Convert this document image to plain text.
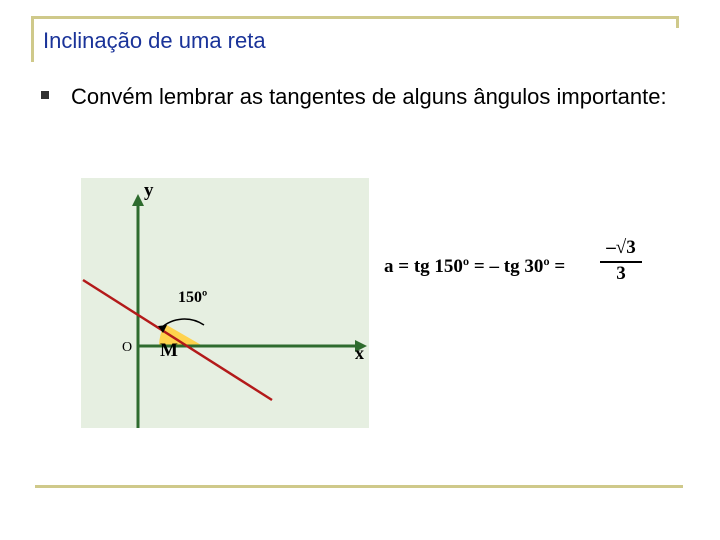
Inclinação de uma reta
Convém lembrar as tangentes de alguns ângulos importante:
y
150º
O M	x
a = tg 150º = – tg 30º =
–√3
3
